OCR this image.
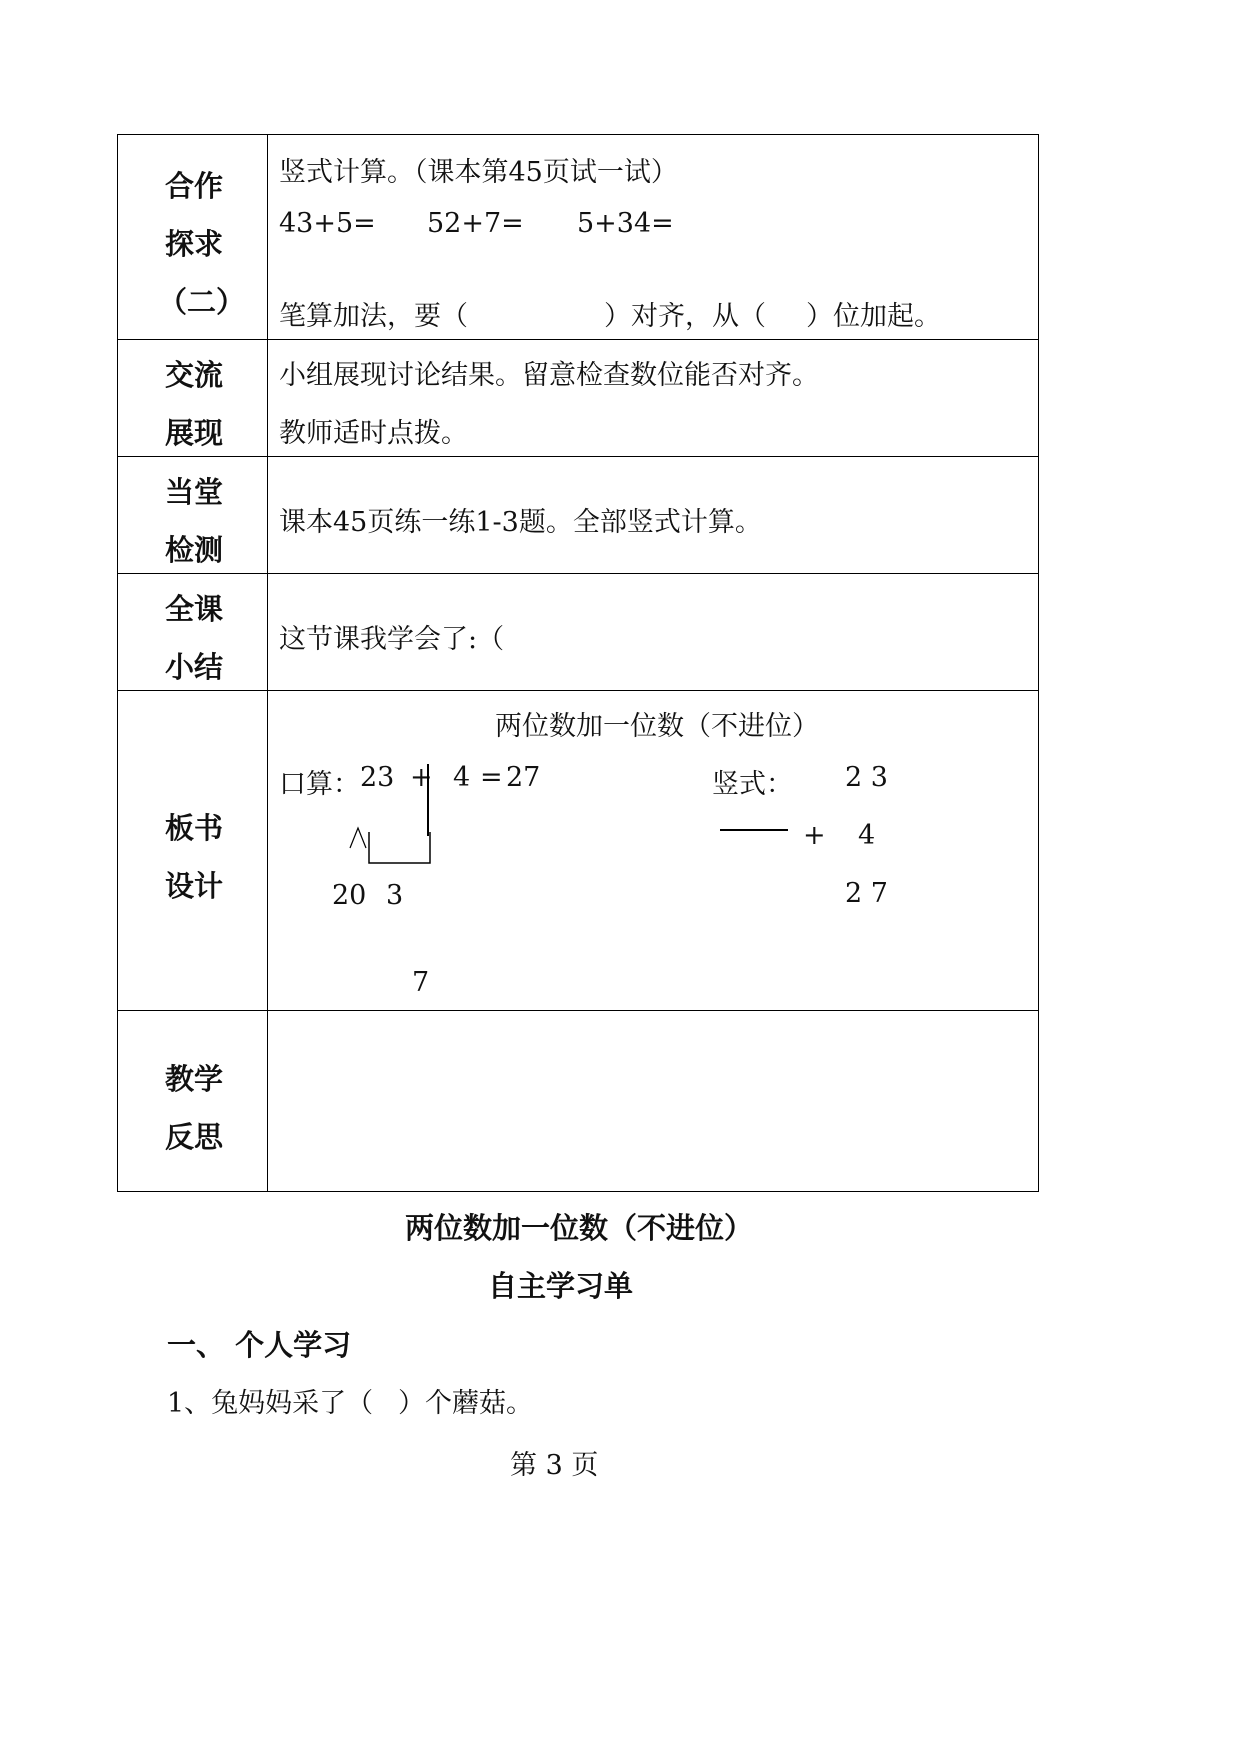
合作
探求
（二）
竖式计算。（课本第45页试一试）
43+5= 52+7= 5+34=
笔算加法，要（	）对齐，从（ ）位加起。
交流
展现
小组展现讨论结果。留意检查数位能否对齐。
教师适时点拨。
当堂
检测
课本45页练一练1-3题。全部竖式计算。
全课
小结
这节课我学会了:（
板书
设计
两位数加一位数（不进位）
口算： 23 + 4 = 27
20 3
7
竖式： 2 3
+ 4
2 7
教学
反思
两位数加一位数（不进位）
自主学习单
一、 个人学习
1、兔妈妈采了（ ）个蘑菇。
第 3 页
